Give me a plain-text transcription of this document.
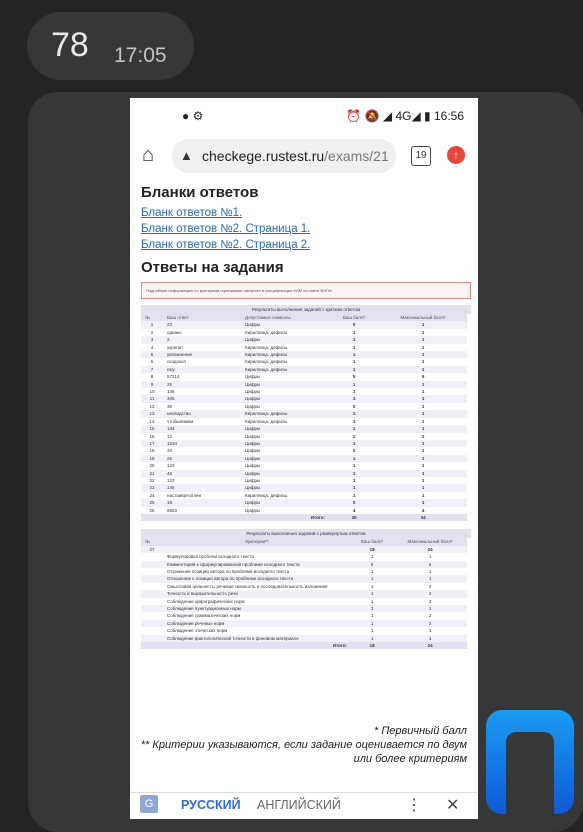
78 17:05
● ⚙	⏰ 🔕 ◢ 4G◢ ▮ 16:56
⌂ ▲ checkege.rustest.ru/exams/21	19	↑
Бланки ответов
Бланк ответов №1.
Бланк ответов №2. Страница 1.
Бланк ответов №2. Страница 2.
Ответы на задания
Подробную информацию по критериям оценивания смотрите в спецификации КИМ на сайте ФИПИ
Результаты выполнения заданий с кратким ответом
№	Ваш ответ	Допустимые символы	Ваш балл*	Максимальный балл*
1	23	Цифры	0	1
2	однако	Кириллица, дефисы	1	1
3	2	Цифры	1	1
4	укрепит	Кириллица, дефисы	1	1
5	увлажнение	Кириллица, дефисы	1	1
6	сходокол	Кириллица, дефисы	1	1
7	ему	Кириллица, дефисы	1	1
8	57214	Цифры	5	5
9	25	Цифры	1	1
10	145	Цифры	1	1
11	345	Цифры	1	1
12	35	Цифры	0	1
13	несводство	Кириллица, дефисы	1	1
14	чтобыпижем	Кириллица, дефисы	1	1
15	134	Цифры	1	1
16	13	Цифры	2	2
17	1234	Цифры	1	1
18	34	Цифры	0	1
19	25	Цифры	1	1
20	123	Цифры	1	1
21	46	Цифры	1	1
22	123	Цифры	1	1
23	145	Цифры	1	1
24	настаивресплеи	Кириллица, дефисы	1	1
25	18	Цифры	0	1
26	6653	Цифры	4	4
		Итого:	30	34
Результаты выполнения заданий с развернутым ответом
№	Критерии**	Ваш балл*	Максимальный балл*
27		18	24
	Формулировка проблем исходного текста	1	1
	Комментарий к сформулированной проблеме исходного текста	5	5
	Отражение позиции автора по проблеме исходного текста	1	1
	Отношение к позиции автора по проблеме исходного текста	1	1
	Смысловая цельность, речевая связность и последовательность изложения	1	2
	Точность и выразительность речи	1	2
	Соблюдение орфографических норм	1	3
	Соблюдение пунктуационных норм	3	3
	Соблюдение грамматических норм	1	2
	Соблюдение речевых норм	1	2
	Соблюдение этических норм	1	1
	Соблюдение фактологической точности в фоновом материале	1	1
	Итого:	18	24
* Первичный балл
** Критерии указываются, если задание оценивается по двум
или более критериям
G	РУССКИЙ АНГЛИЙСКИЙ	⋮ ✕
